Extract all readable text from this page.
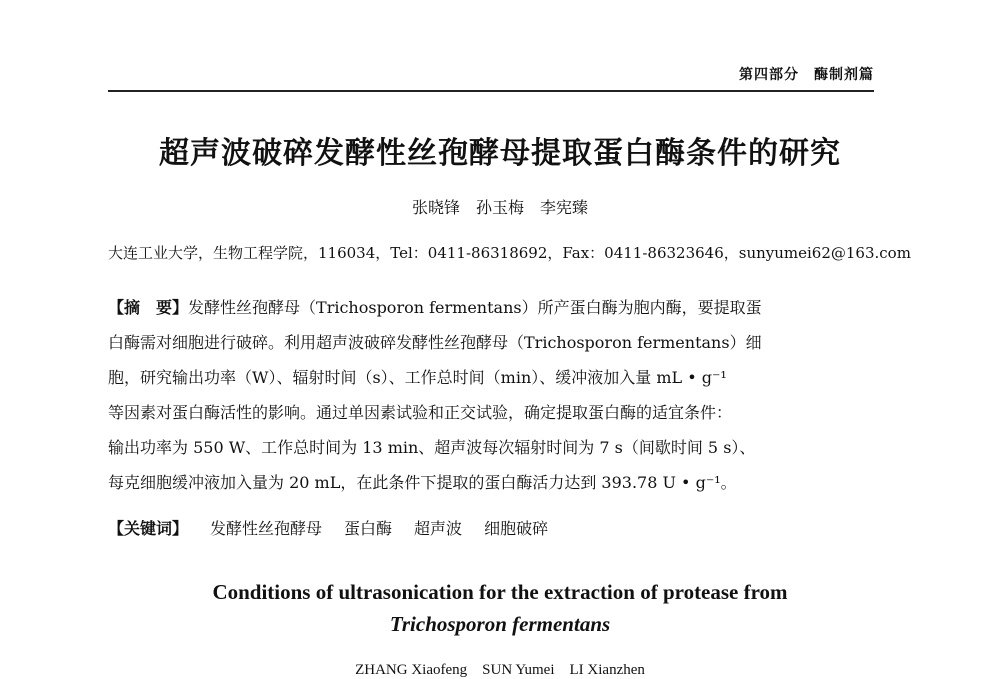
第四部分　酶制剂篇
超声波破碎发酵性丝孢酵母提取蛋白酶条件的研究
张晓锋　孙玉梅　李宪臻
大连工业大学，生物工程学院，116034，Tel：0411-86318692，Fax：0411-86323646，sunyumei62@163.com
【摘　要】发酵性丝孢酵母（Trichosporon fermentans）所产蛋白酶为胞内酶，要提取蛋
白酶需对细胞进行破碎。利用超声波破碎发酵性丝孢酵母（Trichosporon fermentans）细
胞，研究输出功率（W）、辐射时间（s）、工作总时间（min）、缓冲液加入量 mL • g⁻¹
等因素对蛋白酶活性的影响。通过单因素试验和正交试验，确定提取蛋白酶的适宜条件：
输出功率为 550 W、工作总时间为 13 min、超声波每次辐射时间为 7 s（间歇时间 5 s）、
每克细胞缓冲液加入量为 20 mL，在此条件下提取的蛋白酶活力达到 393.78 U • g⁻¹。
【关键词】 发酵性丝孢酵母 蛋白酶 超声波 细胞破碎
Conditions of ultrasonication for the extraction of protease from
Trichosporon fermentans
ZHANG Xiaofeng　SUN Yumei　LI Xianzhen
